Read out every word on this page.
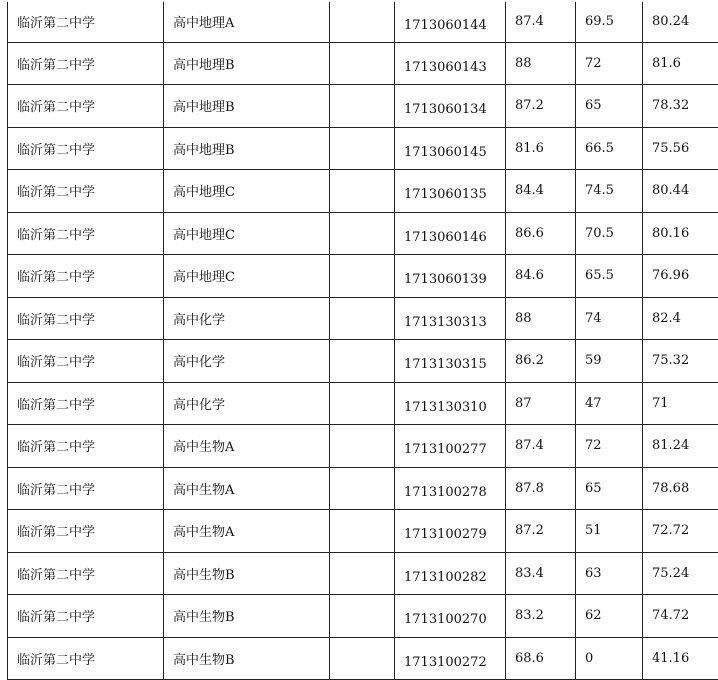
临沂第二中学	高中地理A		1713060144	87.4	69.5	80.24
临沂第二中学	高中地理B		1713060143	88	72	81.6
临沂第二中学	高中地理B		1713060134	87.2	65	78.32
临沂第二中学	高中地理B		1713060145	81.6	66.5	75.56
临沂第二中学	高中地理C		1713060135	84.4	74.5	80.44
临沂第二中学	高中地理C		1713060146	86.6	70.5	80.16
临沂第二中学	高中地理C		1713060139	84.6	65.5	76.96
临沂第二中学	高中化学		1713130313	88	74	82.4
临沂第二中学	高中化学		1713130315	86.2	59	75.32
临沂第二中学	高中化学		1713130310	87	47	71
临沂第二中学	高中生物A		1713100277	87.4	72	81.24
临沂第二中学	高中生物A		1713100278	87.8	65	78.68
临沂第二中学	高中生物A		1713100279	87.2	51	72.72
临沂第二中学	高中生物B		1713100282	83.4	63	75.24
临沂第二中学	高中生物B		1713100270	83.2	62	74.72
临沂第二中学	高中生物B		1713100272	68.6	0	41.16
